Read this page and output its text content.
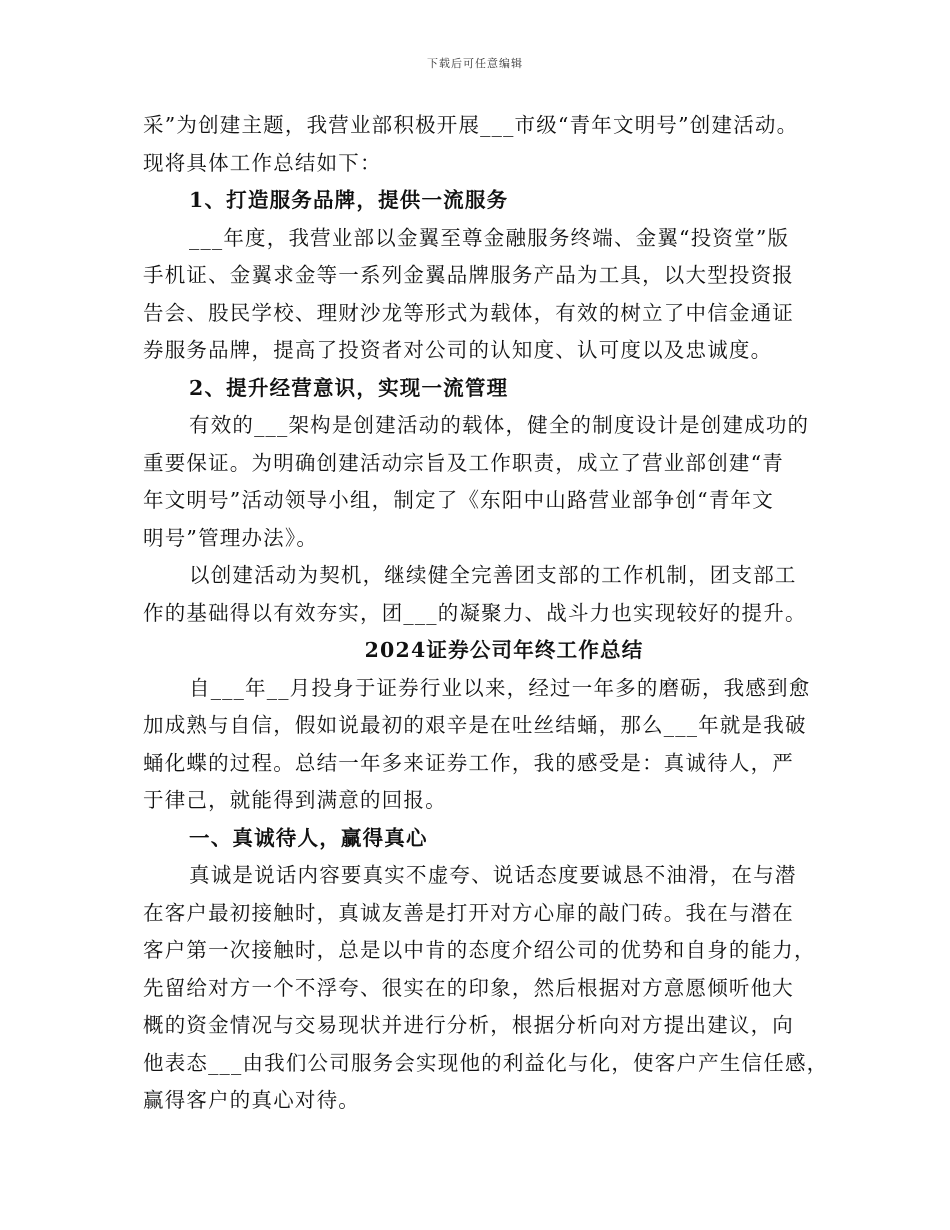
下载后可任意编辑
采”为创建主题，我营业部积极开展___市级“青年文明号”创建活动。
现将具体工作总结如下：
1、打造服务品牌，提供一流服务
___年度，我营业部以金翼至尊金融服务终端、金翼“投资堂”版
手机证、金翼求金等一系列金翼品牌服务产品为工具，以大型投资报
告会、股民学校、理财沙龙等形式为载体，有效的树立了中信金通证
券服务品牌，提高了投资者对公司的认知度、认可度以及忠诚度。
2、提升经营意识，实现一流管理
有效的___架构是创建活动的载体，健全的制度设计是创建成功的
重要保证。为明确创建活动宗旨及工作职责，成立了营业部创建“青
年文明号”活动领导小组，制定了《东阳中山路营业部争创“青年文
明号”管理办法》。
以创建活动为契机，继续健全完善团支部的工作机制，团支部工
作的基础得以有效夯实，团___的凝聚力、战斗力也实现较好的提升。
2024证券公司年终工作总结
自___年__月投身于证券行业以来，经过一年多的磨砺，我感到愈
加成熟与自信，假如说最初的艰辛是在吐丝结蛹，那么___年就是我破
蛹化蝶的过程。总结一年多来证券工作，我的感受是：真诚待人，严
于律己，就能得到满意的回报。
一、真诚待人，赢得真心
真诚是说话内容要真实不虚夸、说话态度要诚恳不油滑，在与潜
在客户最初接触时，真诚友善是打开对方心扉的敲门砖。我在与潜在
客户第一次接触时，总是以中肯的态度介绍公司的优势和自身的能力，
先留给对方一个不浮夸、很实在的印象，然后根据对方意愿倾听他大
概的资金情况与交易现状并进行分析，根据分析向对方提出建议，向
他表态___由我们公司服务会实现他的利益化与化，使客户产生信任感，
赢得客户的真心对待。
